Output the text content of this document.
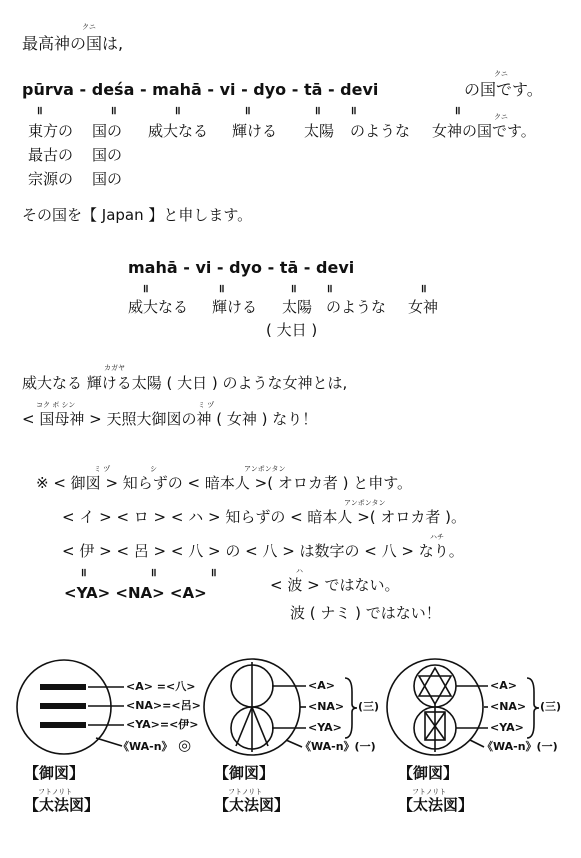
クニ
最高神の国は,
クニ
pūrva - deśa - mahā - vi - dyo - tā - devi	の国です。
॥	॥	॥	॥	॥	॥	॥	クニ
東方の 国の 威大なる 輝ける 太陽 のような 女神の国です。
最古の 国の
宗源の 国の
その国を【 Japan 】と申します。
mahā - vi - dyo - tā - devi
॥	॥	॥	॥	॥
威大なる 輝ける 太陽 のような 女神
( 大日 )
カガヤ
威大なる 輝ける太陽 ( 大日 ) のような女神とは,
コク ボ シン	ミ ヅ
< 国母神 > 天照大御図の神 ( 女神 ) なり！
ミ ヅ	シ	アンポンタン
※ < 御図 > 知らずの < 暗本人 >( オロカ者 ) と申す。
アンポンタン
< イ > < ロ > < ハ > 知らずの < 暗本人 >( オロカ者 )。
ハチ
< 伊 > < 呂 > < 八 > の < 八 > は数字の < 八 > なり。
॥	॥	॥	ハ
< 波 > ではない。
<YA> <NA> <A>
波 ( ナミ ) ではない！
<A> =<八>
<NA>=<呂>
<YA>=<伊>
《WA-n》 ◎
【御図】
フトノリト
【太法図】
<A>
<NA>
<YA>
(三)
《WA-n》(一)
【御図】
フトノリト
【太法図】
<A>
<NA>
<YA>
(三)
《WA-n》(一)
【御図】
フトノリト
【太法図】
